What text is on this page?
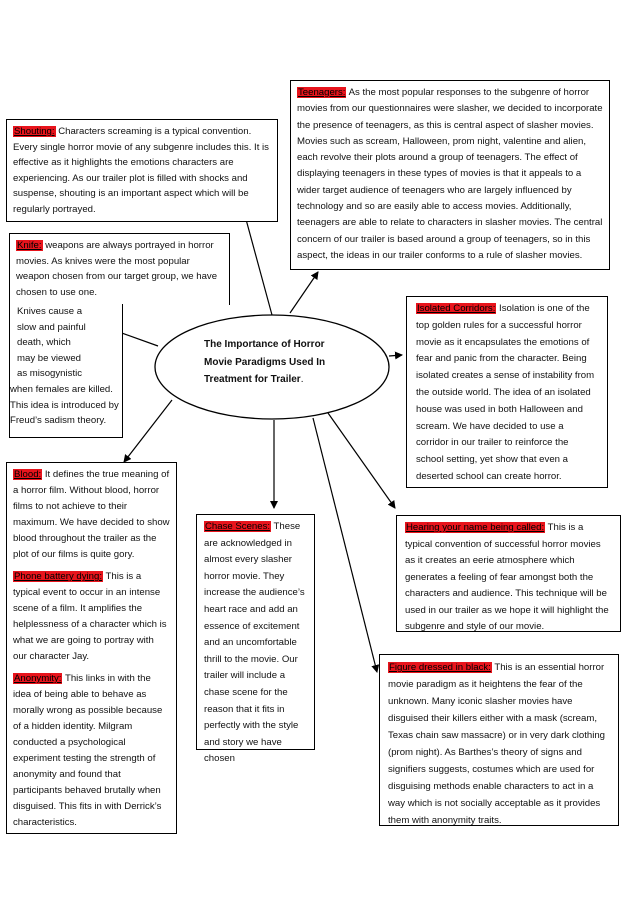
The Importance of Horror Movie Paradigms Used In Treatment for Trailer.
Shouting: Characters screaming is a typical convention. Every single horror movie of any subgenre includes this. It is effective as it highlights the emotions characters are experiencing. As our trailer plot is filled with shocks and suspense, shouting is an important aspect which will be regularly portrayed.
Teenagers: As the most popular responses to the subgenre of horror movies from our questionnaires were slasher, we decided to incorporate the presence of teenagers, as this is central aspect of slasher movies. Movies such as scream, Halloween, prom night, valentine and alien, each revolve their plots around a group of teenagers. The effect of displaying teenagers in these types of movies is that it appeals to a wider target audience of teenagers who are largely influenced by technology and so are easily able to access movies. Additionally, teenagers are able to relate to characters in slasher movies. The central concern of our trailer is based around a group of teenagers, so in this aspect, the ideas in our trailer conforms to a rule of slasher movies.
Knife: weapons are always portrayed in horror movies. As knives were the most popular weapon chosen from our target group, we have chosen to use one.
Knives cause a
slow and painful
death, which
may be viewed
as misogynistic
when females are killed.
This idea is introduced by
Freud’s sadism theory.
Isolated Corridors: Isolation is one of the top golden rules for a successful horror movie as it encapsulates the emotions of fear and panic from the character. Being isolated creates a sense of instability from the outside world. The idea of an isolated house was used in both Halloween and scream. We have decided to use a corridor in our trailer to reinforce the school setting, yet show that even a deserted school can create horror.
Blood: It defines the true meaning of a horror film. Without blood, horror films to not achieve to their maximum. We have decided to show blood throughout the trailer as the plot of our films is quite gory.
Phone battery dying: This is a typical event to occur in an intense scene of a film. It amplifies the helplessness of a character which is what we are going to portray with our character Jay.
Anonymity: This links in with the idea of being able to behave as morally wrong as possible because of a hidden identity. Milgram conducted a psychological experiment testing the strength of anonymity and found that participants behaved brutally when disguised. This fits in with Derrick’s characteristics.
Chase Scenes: These are acknowledged in almost every slasher horror movie. They increase the audience’s heart race and add an essence of excitement and an uncomfortable thrill to the movie. Our trailer will include a chase scene for the reason that it fits in perfectly with the style and story we have chosen
Hearing your name being called: This is a typical convention of successful horror movies as it creates an eerie atmosphere which generates a feeling of fear amongst both the characters and audience. This technique will be used in our trailer as we hope it will highlight the subgenre and style of our movie.
Figure dressed in black: This is an essential horror movie paradigm as it heightens the fear of the unknown. Many iconic slasher movies have disguised their killers either with a mask (scream, Texas chain saw massacre) or in very dark clothing (prom night). As Barthes’s theory of signs and signifiers suggests, costumes which are used for disguising methods enable characters to act in a way which is not socially acceptable as it provides them with anonymity traits.
